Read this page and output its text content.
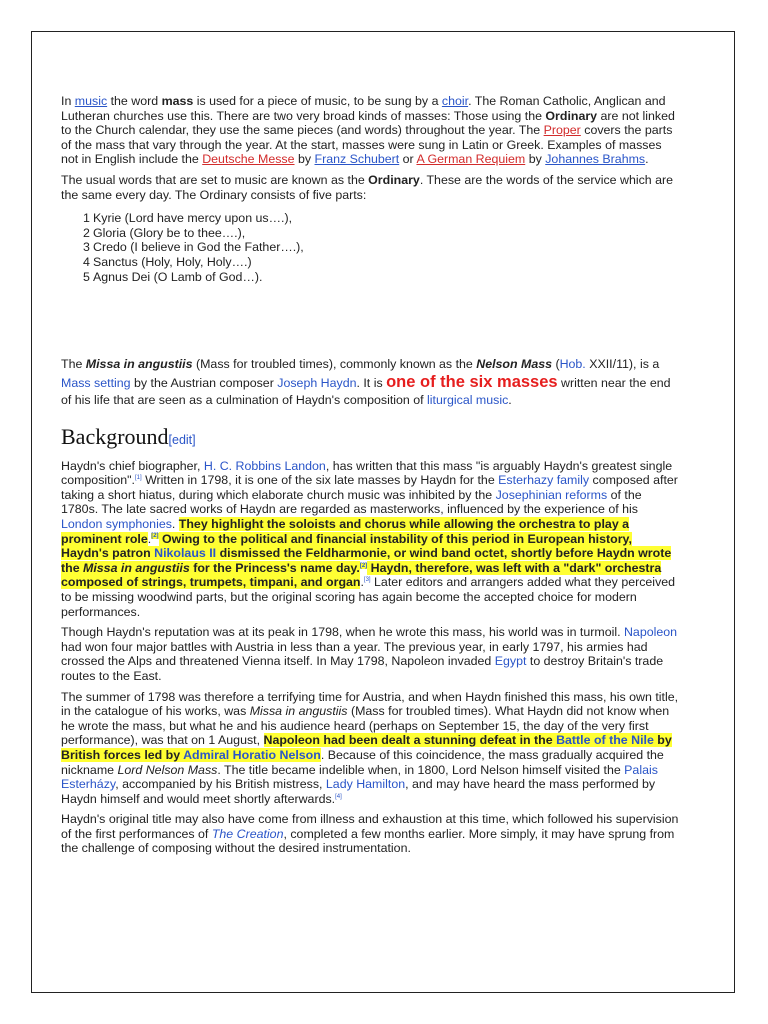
In music the word mass is used for a piece of music, to be sung by a choir. The Roman Catholic, Anglican and Lutheran churches use this. There are two very broad kinds of masses: Those using the Ordinary are not linked to the Church calendar, they use the same pieces (and words) throughout the year. The Proper covers the parts of the mass that vary through the year. At the start, masses were sung in Latin or Greek. Examples of masses not in English include the Deutsche Messe by Franz Schubert or A German Requiem by Johannes Brahms.

The usual words that are set to music are known as the Ordinary. These are the words of the service which are the same every day. The Ordinary consists of five parts:

1 Kyrie (Lord have mercy upon us….),
2 Gloria (Glory be to thee….),
3 Credo (I believe in God the Father….),
4 Sanctus (Holy, Holy, Holy….)
5 Agnus Dei (O Lamb of God…).

The Missa in angustiis (Mass for troubled times), commonly known as the Nelson Mass (Hob. XXII/11), is a Mass setting by the Austrian composer Joseph Haydn. It is one of the six masses written near the end of his life that are seen as a culmination of Haydn's composition of liturgical music.

Background[edit]

Haydn's chief biographer, H. C. Robbins Landon, has written that this mass "is arguably Haydn's greatest single composition".[1] Written in 1798, it is one of the six late masses by Haydn for the Esterhazy family composed after taking a short hiatus, during which elaborate church music was inhibited by the Josephinian reforms of the 1780s. The late sacred works of Haydn are regarded as masterworks, influenced by the experience of his London symphonies. They highlight the soloists and chorus while allowing the orchestra to play a prominent role.[2] Owing to the political and financial instability of this period in European history, Haydn's patron Nikolaus II dismissed the Feldharmonie, or wind band octet, shortly before Haydn wrote the Missa in angustiis for the Princess's name day.[2] Haydn, therefore, was left with a "dark" orchestra composed of strings, trumpets, timpani, and organ.[3] Later editors and arrangers added what they perceived to be missing woodwind parts, but the original scoring has again become the accepted choice for modern performances.

Though Haydn's reputation was at its peak in 1798, when he wrote this mass, his world was in turmoil. Napoleon had won four major battles with Austria in less than a year. The previous year, in early 1797, his armies had crossed the Alps and threatened Vienna itself. In May 1798, Napoleon invaded Egypt to destroy Britain's trade routes to the East.

The summer of 1798 was therefore a terrifying time for Austria, and when Haydn finished this mass, his own title, in the catalogue of his works, was Missa in angustiis (Mass for troubled times). What Haydn did not know when he wrote the mass, but what he and his audience heard (perhaps on September 15, the day of the very first performance), was that on 1 August, Napoleon had been dealt a stunning defeat in the Battle of the Nile by British forces led by Admiral Horatio Nelson. Because of this coincidence, the mass gradually acquired the nickname Lord Nelson Mass. The title became indelible when, in 1800, Lord Nelson himself visited the Palais Esterházy, accompanied by his British mistress, Lady Hamilton, and may have heard the mass performed by Haydn himself and would meet shortly afterwards.[4]

Haydn's original title may also have come from illness and exhaustion at this time, which followed his supervision of the first performances of The Creation, completed a few months earlier. More simply, it may have sprung from the challenge of composing without the desired instrumentation.
